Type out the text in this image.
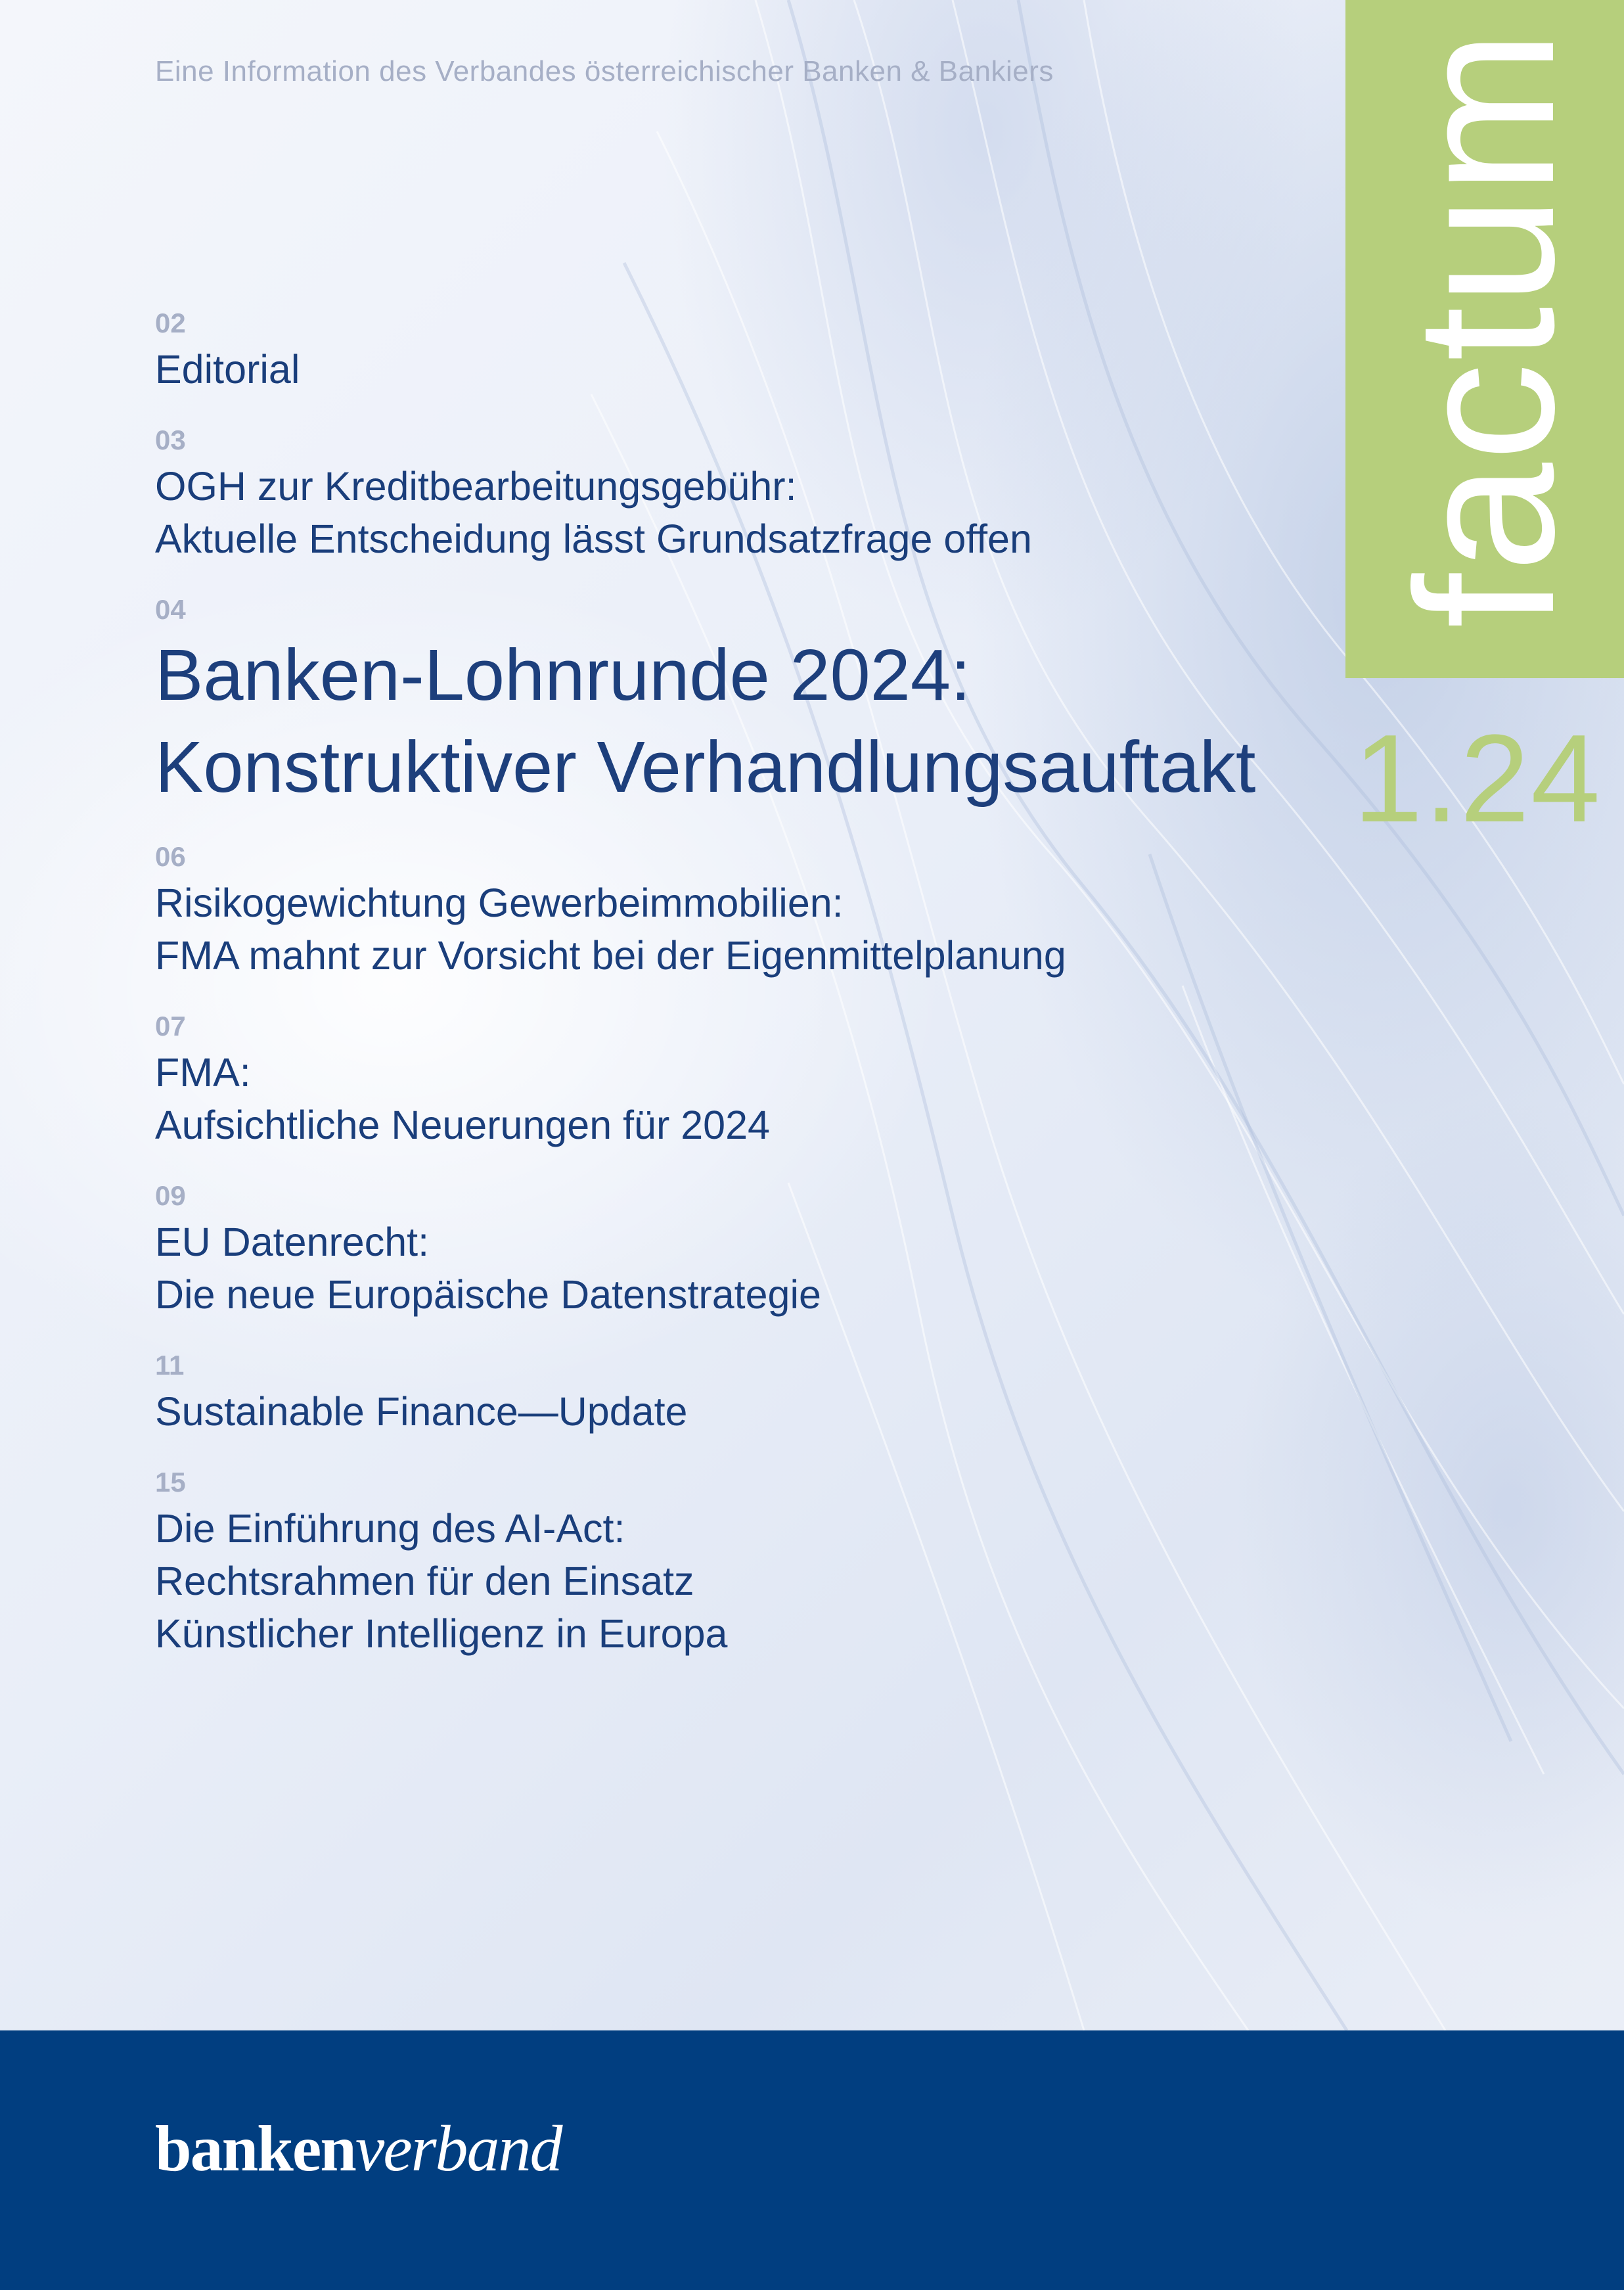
Eine Information des Verbandes österreichischer Banken & Bankiers factum
1.24
02
Editorial
03
OGH zur Kreditbearbeitungsgebühr:
Aktuelle Entscheidung lässt Grundsatzfrage offen
04
Banken-Lohnrunde 2024:
Konstruktiver Verhandlungsauftakt
06
Risikogewichtung Gewerbeimmobilien:
FMA mahnt zur Vorsicht bei der Eigenmittelplanung
07
FMA:
Aufsichtliche Neuerungen für 2024
09
EU Datenrecht:
Die neue Europäische Datenstrategie
11
Sustainable Finance—Update
15
Die Einführung des AI-Act:
Rechtsrahmen für den Einsatz
Künstlicher Intelligenz in Europa
bankenverband
